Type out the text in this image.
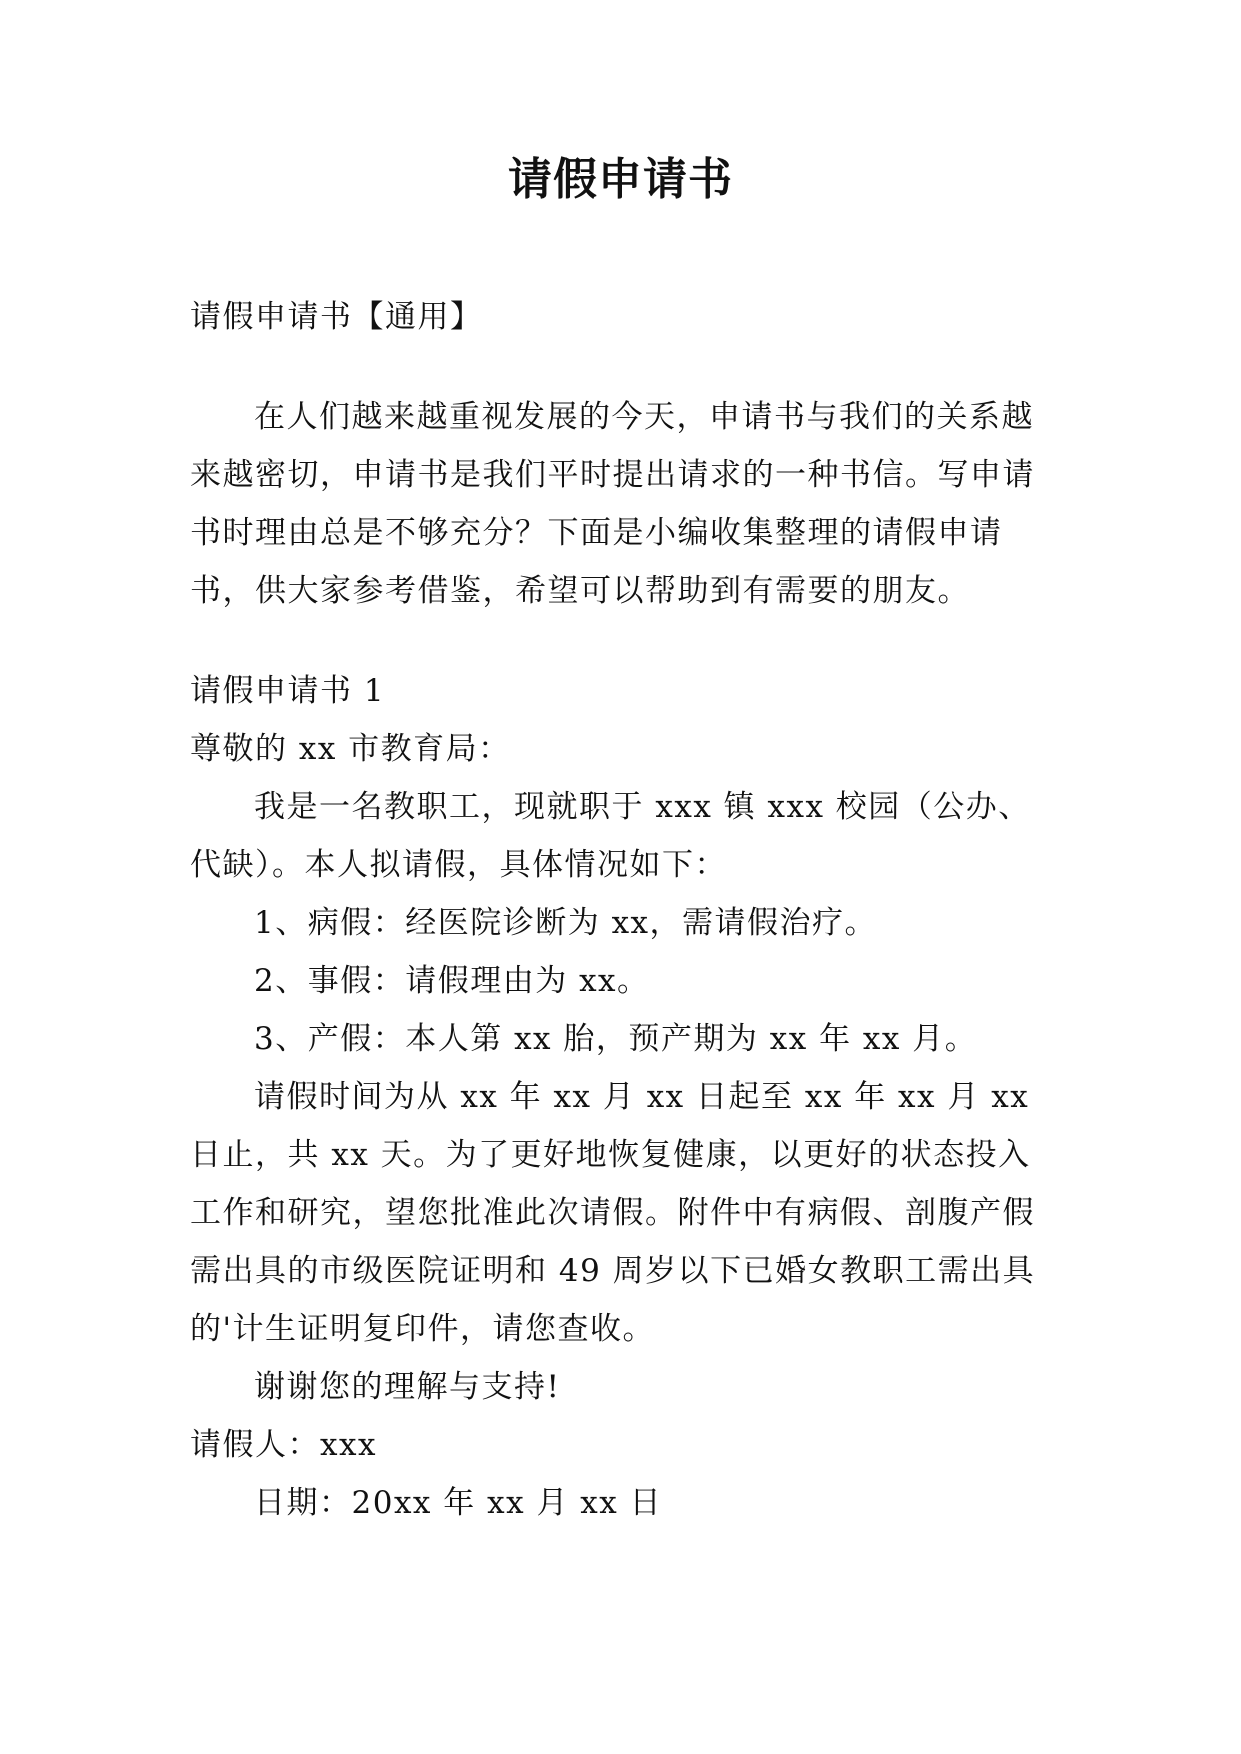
请假申请书

请假申请书【通用】

在人们越来越重视发展的今天，申请书与我们的关系越来越密切，申请书是我们平时提出请求的一种书信。写申请书时理由总是不够充分？下面是小编收集整理的请假申请书，供大家参考借鉴，希望可以帮助到有需要的朋友。

请假申请书 1

尊敬的 xx 市教育局：

我是一名教职工，现就职于 xxx 镇 xxx 校园（公办、代缺）。本人拟请假，具体情况如下：

1、病假：经医院诊断为 xx，需请假治疗。

2、事假：请假理由为 xx。

3、产假：本人第 xx 胎，预产期为 xx 年 xx 月。

请假时间为从 xx 年 xx 月 xx 日起至 xx 年 xx 月 xx 日止，共 xx 天。为了更好地恢复健康，以更好的状态投入工作和研究，望您批准此次请假。附件中有病假、剖腹产假需出具的市级医院证明和 49 周岁以下已婚女教职工需出具的'计生证明复印件，请您查收。

谢谢您的理解与支持!

请假人：xxx

日期：20xx 年 xx 月 xx 日
